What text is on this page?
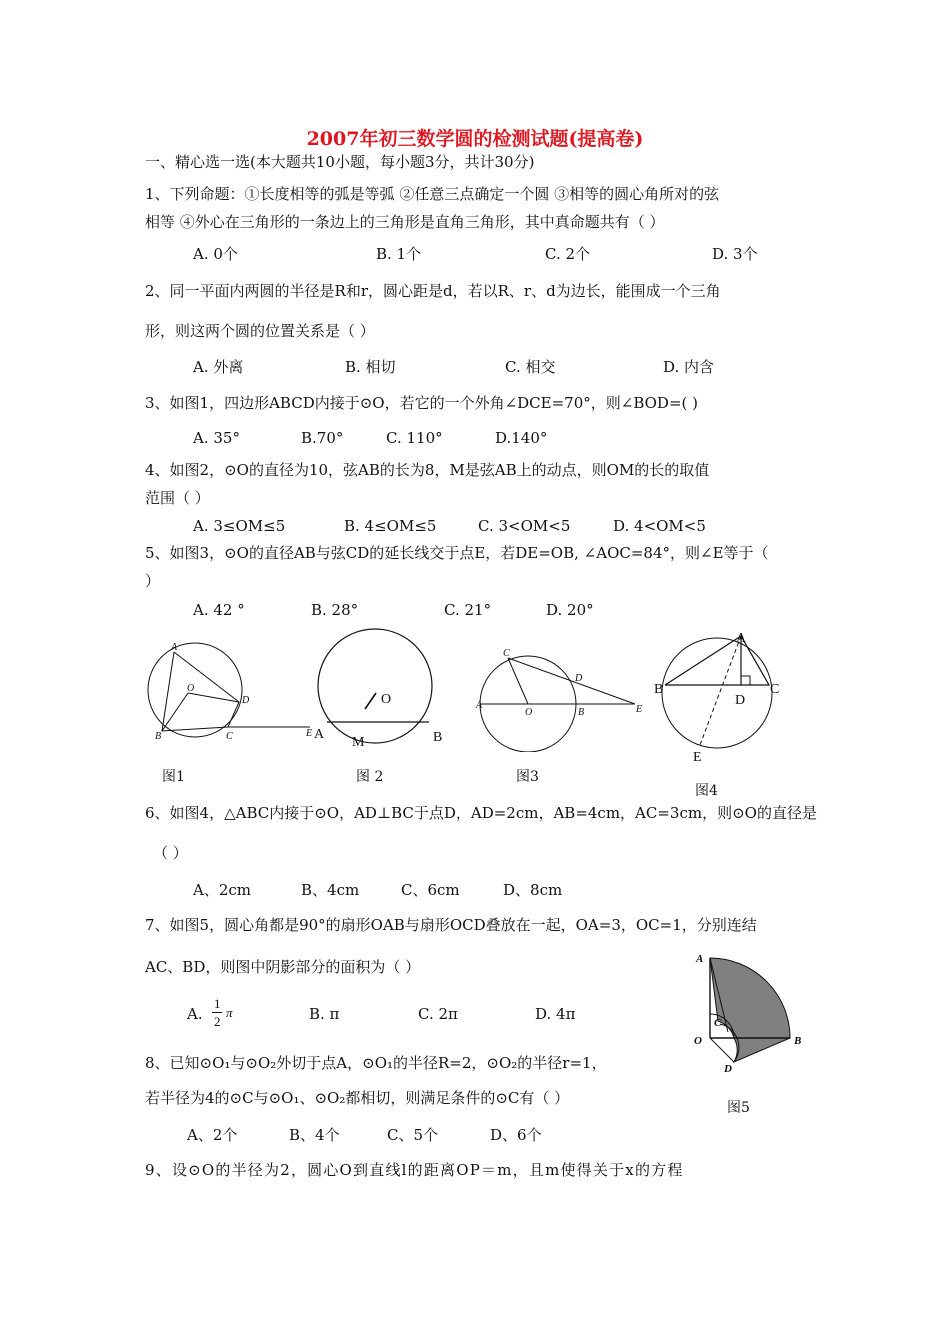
2007年初三数学圆的检测试题(提高卷)
一、精心选一选(本大题共10小题，每小题3分，共计30分)
1、下列命题：①长度相等的弧是等弧 ②任意三点确定一个圆 ③相等的圆心角所对的弦
相等 ④外心在三角形的一条边上的三角形是直角三角形，其中真命题共有（ ）
A. 0个	B. 1个	C. 2个	D. 3个
2、同一平面内两圆的半径是R和r，圆心距是d，若以R、r、d为边长，能围成一个三角
形，则这两个圆的位置关系是（ ）
A. 外离	B. 相切	C. 相交	D. 内含
3、如图1，四边形ABCD内接于⊙O，若它的一个外角∠DCE=70°，则∠BOD=( )
A. 35°	B.70°	C. 110°	D.140°
4、如图2，⊙O的直径为10，弦AB的长为8，M是弦AB上的动点，则OM的长的取值
范围（ ）
A. 3≤OM≤5	B. 4≤OM≤5	C. 3<OM<5	D. 4<OM<5
5、如图3，⊙O的直径AB与弦CD的延长线交于点E，若DE=OB, ∠AOC=84°，则∠E等于（
）
A. 42 °	B. 28°	C. 21°	D. 20°
A
O
B	C
D
E
图1
O
A
M	B
图 2
C
D
A
O	B	E
图3
A
B	C
D
E
图4
6、如图4，△ABC内接于⊙O，AD⊥BC于点D，AD=2cm，AB=4cm，AC=3cm，则⊙O的直径是
（ ）
A、2cm	B、4cm	C、6cm	D、8cm
7、如图5，圆心角都是90°的扇形OAB与扇形OCD叠放在一起，OA=3，OC=1，分别连结
AC、BD，则图中阴影部分的面积为（ ）
A.
1
2
π	B. π	C. 2π	D. 4π
A
C
O	B
D
图5
8、已知⊙O₁与⊙O₂外切于点A，⊙O₁的半径R=2，⊙O₂的半径r=1，
若半径为4的⊙C与⊙O₁、⊙O₂都相切，则满足条件的⊙C有（ ）
A、2个	B、4个	C、5个	D、6个
9、设⊙O的半径为2，圆心O到直线l的距离OP＝m，且m使得关于x的方程
